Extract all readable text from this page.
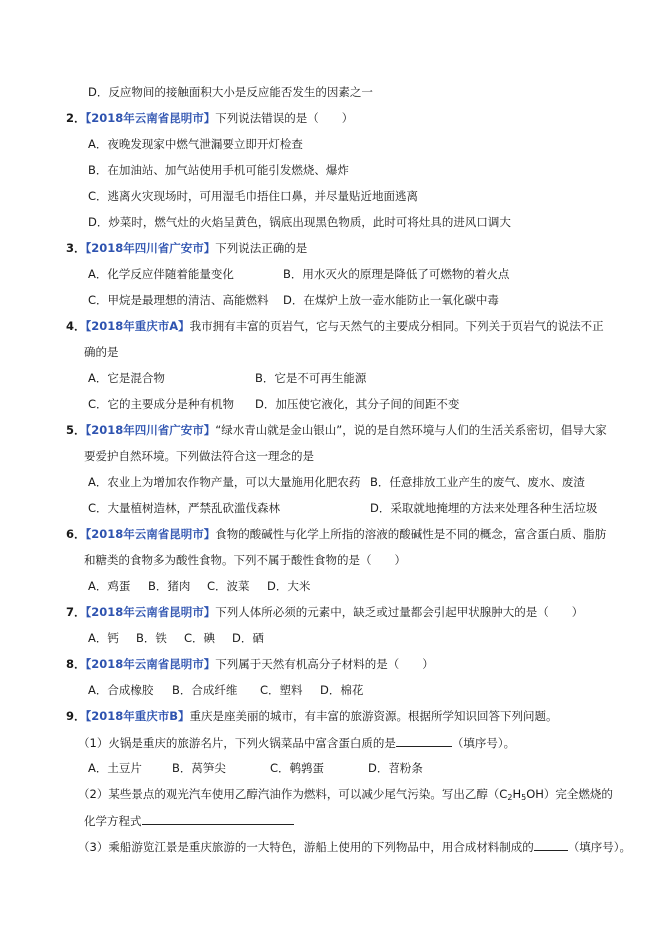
D．反应物间的接触面积大小是反应能否发生的因素之一
2．【2018年云南省昆明市】下列说法错误的是（　　）
A．夜晚发现家中燃气泄漏要立即开灯检查
B．在加油站、加气站使用手机可能引发燃烧、爆炸
C．逃离火灾现场时，可用湿毛巾捂住口鼻，并尽量贴近地面逃离
D．炒菜时，燃气灶的火焰呈黄色，锅底出现黑色物质，此时可将灶具的进风口调大
3．【2018年四川省广安市】下列说法正确的是
A．化学反应伴随着能量变化	B．用水灭火的原理是降低了可燃物的着火点
C．甲烷是最理想的清洁、高能燃料 D．在煤炉上放一壶水能防止一氧化碳中毒
4．【2018年重庆市A】我市拥有丰富的页岩气，它与天然气的主要成分相同。下列关于页岩气的说法不正
确的是
A．它是混合物	B．它是不可再生能源
C．它的主要成分是种有机物 D．加压使它液化，其分子间的间距不变
5．【2018年四川省广安市】“绿水青山就是金山银山”，说的是自然环境与人们的生活关系密切，倡导大家
要爱护自然环境。下列做法符合这一理念的是
A．农业上为增加农作物产量，可以大量施用化肥农药 B．任意排放工业产生的废气、废水、废渣
C．大量植树造林，严禁乱砍滥伐森林	D．采取就地掩埋的方法来处理各种生活垃圾
6．【2018年云南省昆明市】食物的酸碱性与化学上所指的溶液的酸碱性是不同的概念，富含蛋白质、脂肪
和糖类的食物多为酸性食物。下列不属于酸性食物的是（　　）
A．鸡蛋 B．猪肉 C．波菜 D．大米
7．【2018年云南省昆明市】下列人体所必须的元素中，缺乏或过量都会引起甲状腺肿大的是（　　）
A．钙 B．铁 C．碘 D．硒
8．【2018年云南省昆明市】下列属于天然有机高分子材料的是（　　）
A．合成橡胶 B．合成纤维 C．塑料 D．棉花
9．【2018年重庆市B】重庆是座美丽的城市，有丰富的旅游资源。根据所学知识回答下列问题。
（1）火锅是重庆的旅游名片，下列火锅菜品中富含蛋白质的是	（填序号）。
A．土豆片	B．莴笋尖	C．鹌鹑蛋	D．苕粉条
（2）某些景点的观光汽车使用乙醇汽油作为燃料，可以减少尾气污染。写出乙醇$(C_2H_5OH)$完全燃烧的
化学方程式
（3）乘船游览江景是重庆旅游的一大特色，游船上使用的下列物品中，用合成材料制成的	（填序号）。
